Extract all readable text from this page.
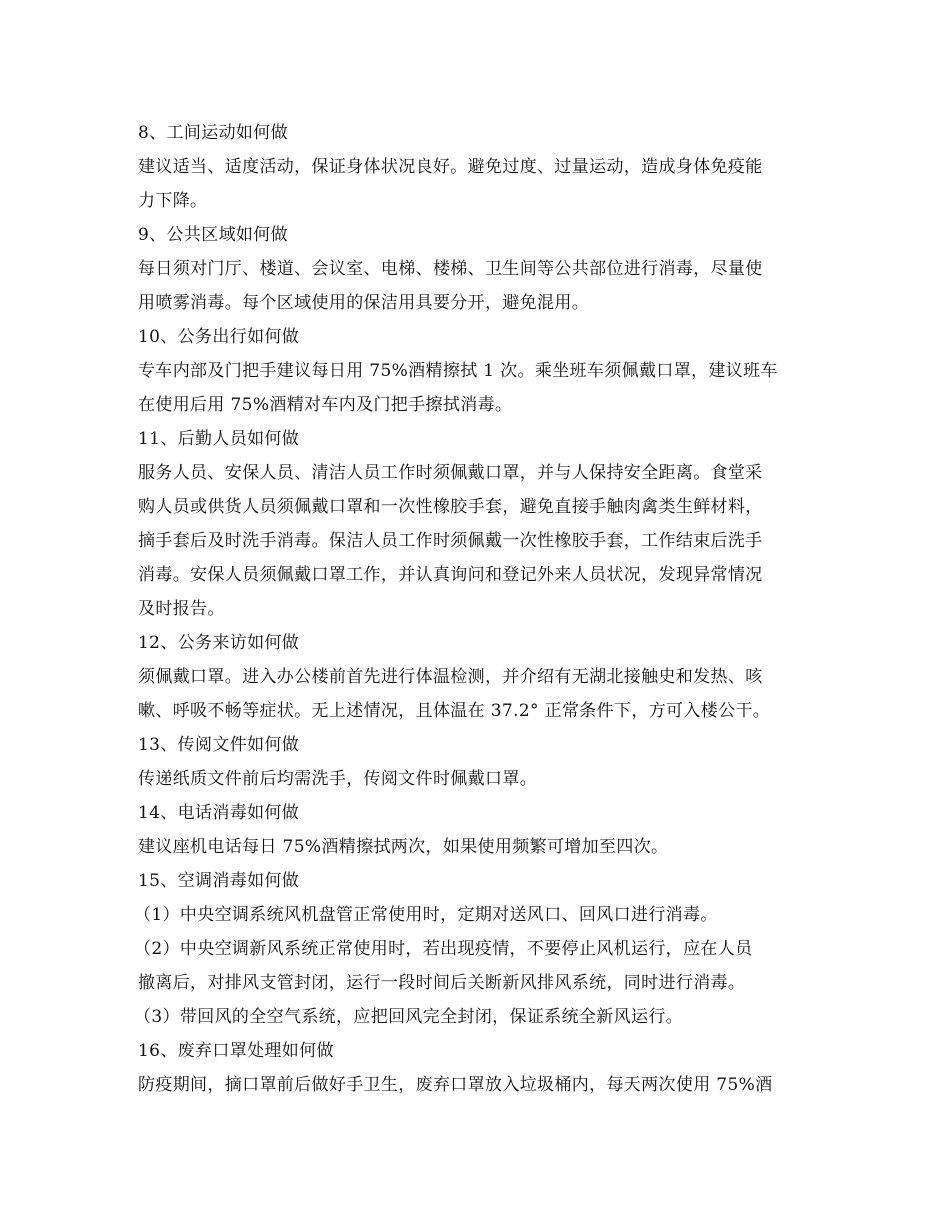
8、工间运动如何做
建议适当、适度活动，保证身体状况良好。避免过度、过量运动，造成身体免疫能
力下降。
9、公共区域如何做
每日须对门厅、楼道、会议室、电梯、楼梯、卫生间等公共部位进行消毒，尽量使
用喷雾消毒。每个区域使用的保洁用具要分开，避免混用。
10、公务出行如何做
专车内部及门把手建议每日用 75%酒精擦拭 1 次。乘坐班车须佩戴口罩，建议班车
在使用后用 75%酒精对车内及门把手擦拭消毒。
11、后勤人员如何做
服务人员、安保人员、清洁人员工作时须佩戴口罩，并与人保持安全距离。食堂采
购人员或供货人员须佩戴口罩和一次性橡胶手套，避免直接手触肉禽类生鲜材料，
摘手套后及时洗手消毒。保洁人员工作时须佩戴一次性橡胶手套，工作结束后洗手
消毒。安保人员须佩戴口罩工作，并认真询问和登记外来人员状况，发现异常情况
及时报告。
12、公务来访如何做
须佩戴口罩。进入办公楼前首先进行体温检测，并介绍有无湖北接触史和发热、咳
嗽、呼吸不畅等症状。无上述情况，且体温在 37.2° 正常条件下，方可入楼公干。
13、传阅文件如何做
传递纸质文件前后均需洗手，传阅文件时佩戴口罩。
14、电话消毒如何做
建议座机电话每日 75%酒精擦拭两次，如果使用频繁可增加至四次。
15、空调消毒如何做
（1）中央空调系统风机盘管正常使用时，定期对送风口、回风口进行消毒。
（2）中央空调新风系统正常使用时，若出现疫情，不要停止风机运行，应在人员
撤离后，对排风支管封闭，运行一段时间后关断新风排风系统，同时进行消毒。
（3）带回风的全空气系统，应把回风完全封闭，保证系统全新风运行。
16、废弃口罩处理如何做
防疫期间，摘口罩前后做好手卫生，废弃口罩放入垃圾桶内，每天两次使用 75%酒
